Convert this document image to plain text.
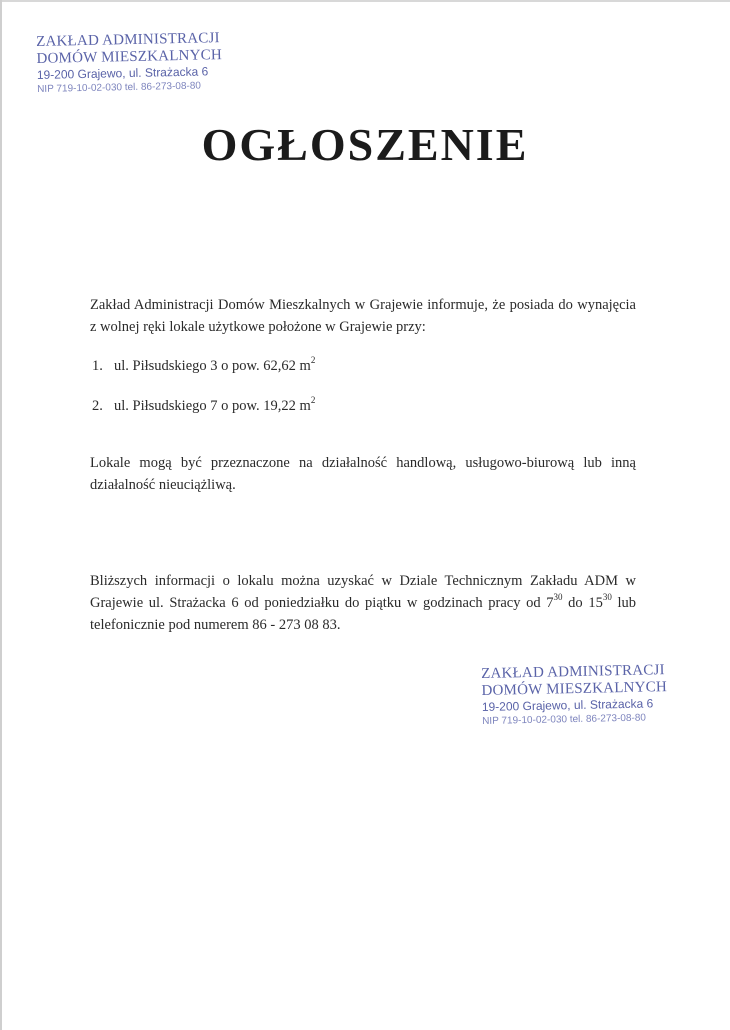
ZAKŁAD ADMINISTRACJI
DOMÓW MIESZKALNYCH
19-200 Grajewo, ul. Strażacka 6
NIP 719-10-02-030 tel. 86-273-08-80
OGŁOSZENIE
Zakład Administracji Domów Mieszkalnych w Grajewie informuje, że posiada do wynajęcia z wolnej ręki lokale użytkowe położone w Grajewie przy:
1. ul. Piłsudskiego 3 o pow. 62,62 $m^2$
2. ul. Piłsudskiego 7 o pow. 19,22 $m^2$
Lokale mogą być przeznaczone na działalność handlową, usługowo-biurową lub inną działalność nieuciążliwą.
Bliższych informacji o lokalu można uzyskać w Dziale Technicznym Zakładu ADM w Grajewie ul. Strażacka 6 od poniedziałku do piątku w godzinach pracy od $7^{30}$ do $15^{30}$ lub telefonicznie pod numerem 86 - 273 08 83.
ZAKŁAD ADMINISTRACJI
DOMÓW MIESZKALNYCH
19-200 Grajewo, ul. Strażacka 6
NIP 719-10-02-030 tel. 86-273-08-80
